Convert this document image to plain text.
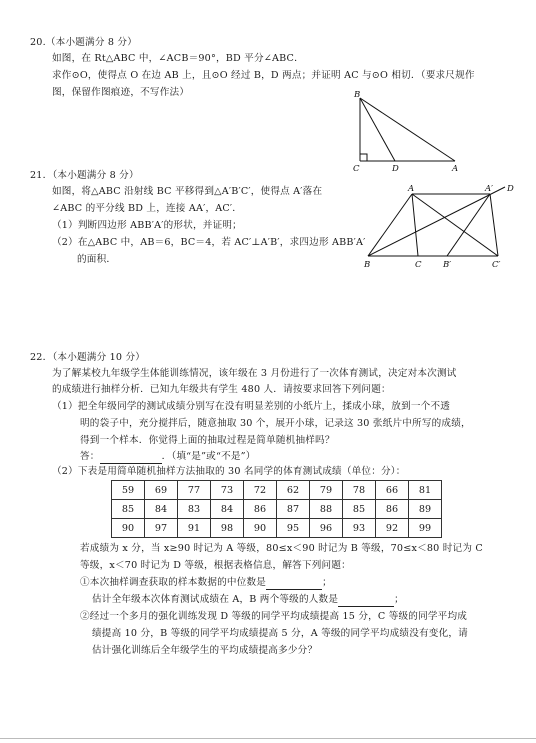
20.（本小题满分 8 分）
如图，在 Rt△ABC 中，∠ACB＝90°，BD 平分∠ABC．
求作⊙O，使得点 O 在边 AB 上，且⊙O 经过 B，D 两点；并证明 AC 与⊙O 相切．（要求尺规作
图，保留作图痕迹，不写作法）	B
C	D	A
21．（本小题满分 8 分）
如图，将△ABC 沿射线 BC 平移得到△A′B′C′，使得点 A′落在
∠ABC 的平分线 BD 上，连接 AA′，AC′．
（1）判断四边形 ABB′A′的形状，并证明；
（2）在△ABC 中，AB＝6，BC＝4，若 AC′⊥A′B′，求四边形 ABB′A′
的面积．
A	A′ D
B	C	B′	C′
22．（本小题满分 10 分）
为了解某校九年级学生体能训练情况，该年级在 3 月份进行了一次体育测试，决定对本次测试
的成绩进行抽样分析．已知九年级共有学生 480 人．请按要求回答下列问题：
（1）把全年级同学的测试成绩分别写在没有明显差别的小纸片上，揉成小球，放到一个不透
明的袋子中，充分搅拌后，随意抽取 30 个，展开小球，记录这 30 张纸片中所写的成绩，
得到一个样本．你觉得上面的抽取过程是简单随机抽样吗？
答：	．（填“是”或“不是”）
（2）下表是用简单随机抽样方法抽取的 30 名同学的体育测试成绩（单位：分）：
59	69	77	73	72	62	79	78	66	81
85	84	83	84	86	87	88	85	86	89
90	97	91	98	90	95	96	93	92	99
若成绩为 x 分，当 x≥90 时记为 A 等级，80≤x＜90 时记为 B 等级，70≤x＜80 时记为 C
等级，x＜70 时记为 D 等级，根据表格信息，解答下列问题：
①本次抽样调查获取的样本数据的中位数是	；
估计全年级本次体育测试成绩在 A，B 两个等级的人数是	；
②经过一个多月的强化训练发现 D 等级的同学平均成绩提高 15 分，C 等级的同学平均成
绩提高 10 分，B 等级的同学平均成绩提高 5 分，A 等级的同学平均成绩没有变化，请
估计强化训练后全年级学生的平均成绩提高多少分？
